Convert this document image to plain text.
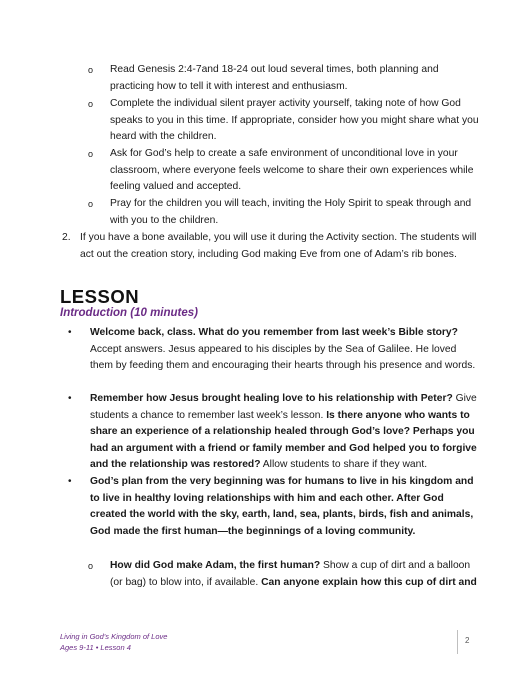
o Read Genesis 2:4-7and 18-24 out loud several times, both planning and practicing how to tell it with interest and enthusiasm.
o Complete the individual silent prayer activity yourself, taking note of how God speaks to you in this time. If appropriate, consider how you might share what you heard with the children.
o Ask for God’s help to create a safe environment of unconditional love in your classroom, where everyone feels welcome to share their own experiences while feeling valued and accepted.
o Pray for the children you will teach, inviting the Holy Spirit to speak through and with you to the children.
2. If you have a bone available, you will use it during the Activity section. The students will act out the creation story, including God making Eve from one of Adam’s rib bones.
LESSON
Introduction (10 minutes)
• Welcome back, class. What do you remember from last week’s Bible story? Accept answers. Jesus appeared to his disciples by the Sea of Galilee. He loved them by feeding them and encouraging their hearts through his presence and words.
• Remember how Jesus brought healing love to his relationship with Peter? Give students a chance to remember last week’s lesson. Is there anyone who wants to share an experience of a relationship healed through God’s love? Perhaps you had an argument with a friend or family member and God helped you to forgive and the relationship was restored? Allow students to share if they want.
• God’s plan from the very beginning was for humans to live in his kingdom and to live in healthy loving relationships with him and each other. After God created the world with the sky, earth, land, sea, plants, birds, fish and animals, God made the first human—the beginnings of a loving community.
o How did God make Adam, the first human? Show a cup of dirt and a balloon (or bag) to blow into, if available. Can anyone explain how this cup of dirt and
Living in God’s Kingdom of Love
Ages 9-11 • Lesson 4
2
